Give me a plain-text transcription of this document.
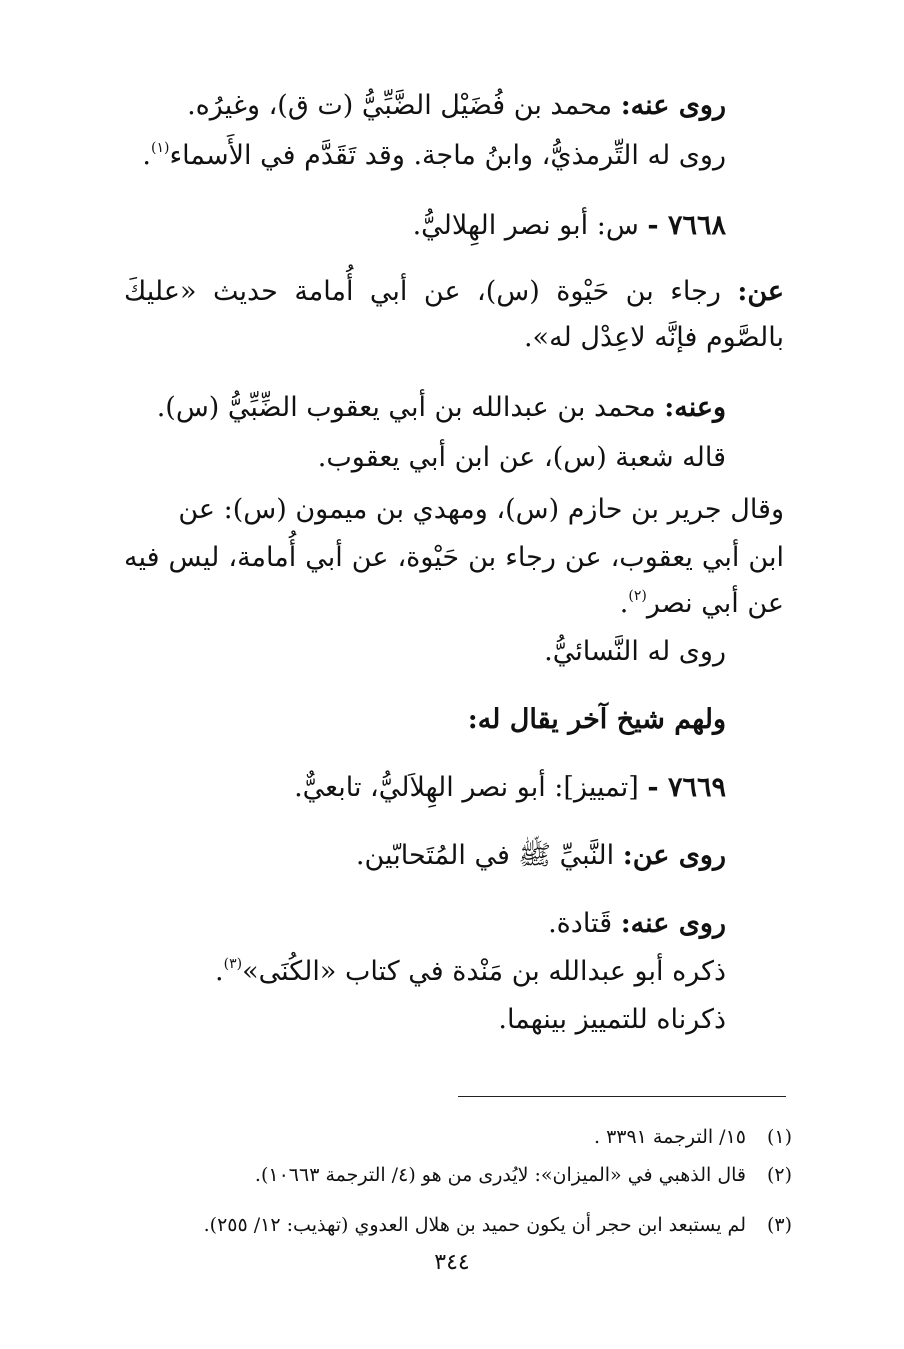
روى عنه: محمد بن فُضَيْل الضَّبِّيُّ (ت ق)، وغيرُه.

روى له التِّرمذيُّ، وابنُ ماجة. وقد تَقَدَّم في الأَسماء$^{(١)}$.

٧٦٦٨ - س: أبو نصر الهِلاليُّ.

عن: رجاء بن حَيْوة (س)، عن أبي أُمامة حديث «عليكَ

بالصَّوم فإنَّه لاعِدْل له».

وعنه: محمد بن عبدالله بن أبي يعقوب الضِّبِّيُّ (س).

قاله شعبة (س)، عن ابن أبي يعقوب.

وقال جرير بن حازم (س)، ومهدي بن ميمون (س): عن

ابن أبي يعقوب، عن رجاء بن حَيْوة، عن أبي أُمامة، ليس فيه

عن أبي نصر$^{(٢)}$.

روى له النَّسائيُّ.

ولهم شيخ آخر يقال له:

٧٦٦٩ - [تمييز]: أبو نصر الهِلاَليُّ، تابعيٌّ.

روى عن: النَّبيِّ ﷺ في المُتَحابّين.

روى عنه: قَتادة.

ذكره أبو عبدالله بن مَنْدة في كتاب «الكُنَى»$^{(٣)}$.

ذكرناه للتمييز بينهما.

(١)١٥/ الترجمة ٣٣٩١ .
(٢)قال الذهبي في «الميزان»: لايُدرى من هو (٤/ الترجمة ١٠٦٦٣).
(٣)لم يستبعد ابن حجر أن يكون حميد بن هلال العدوي (تهذيب: ١٢/ ٢٥٥).
٣٤٤
